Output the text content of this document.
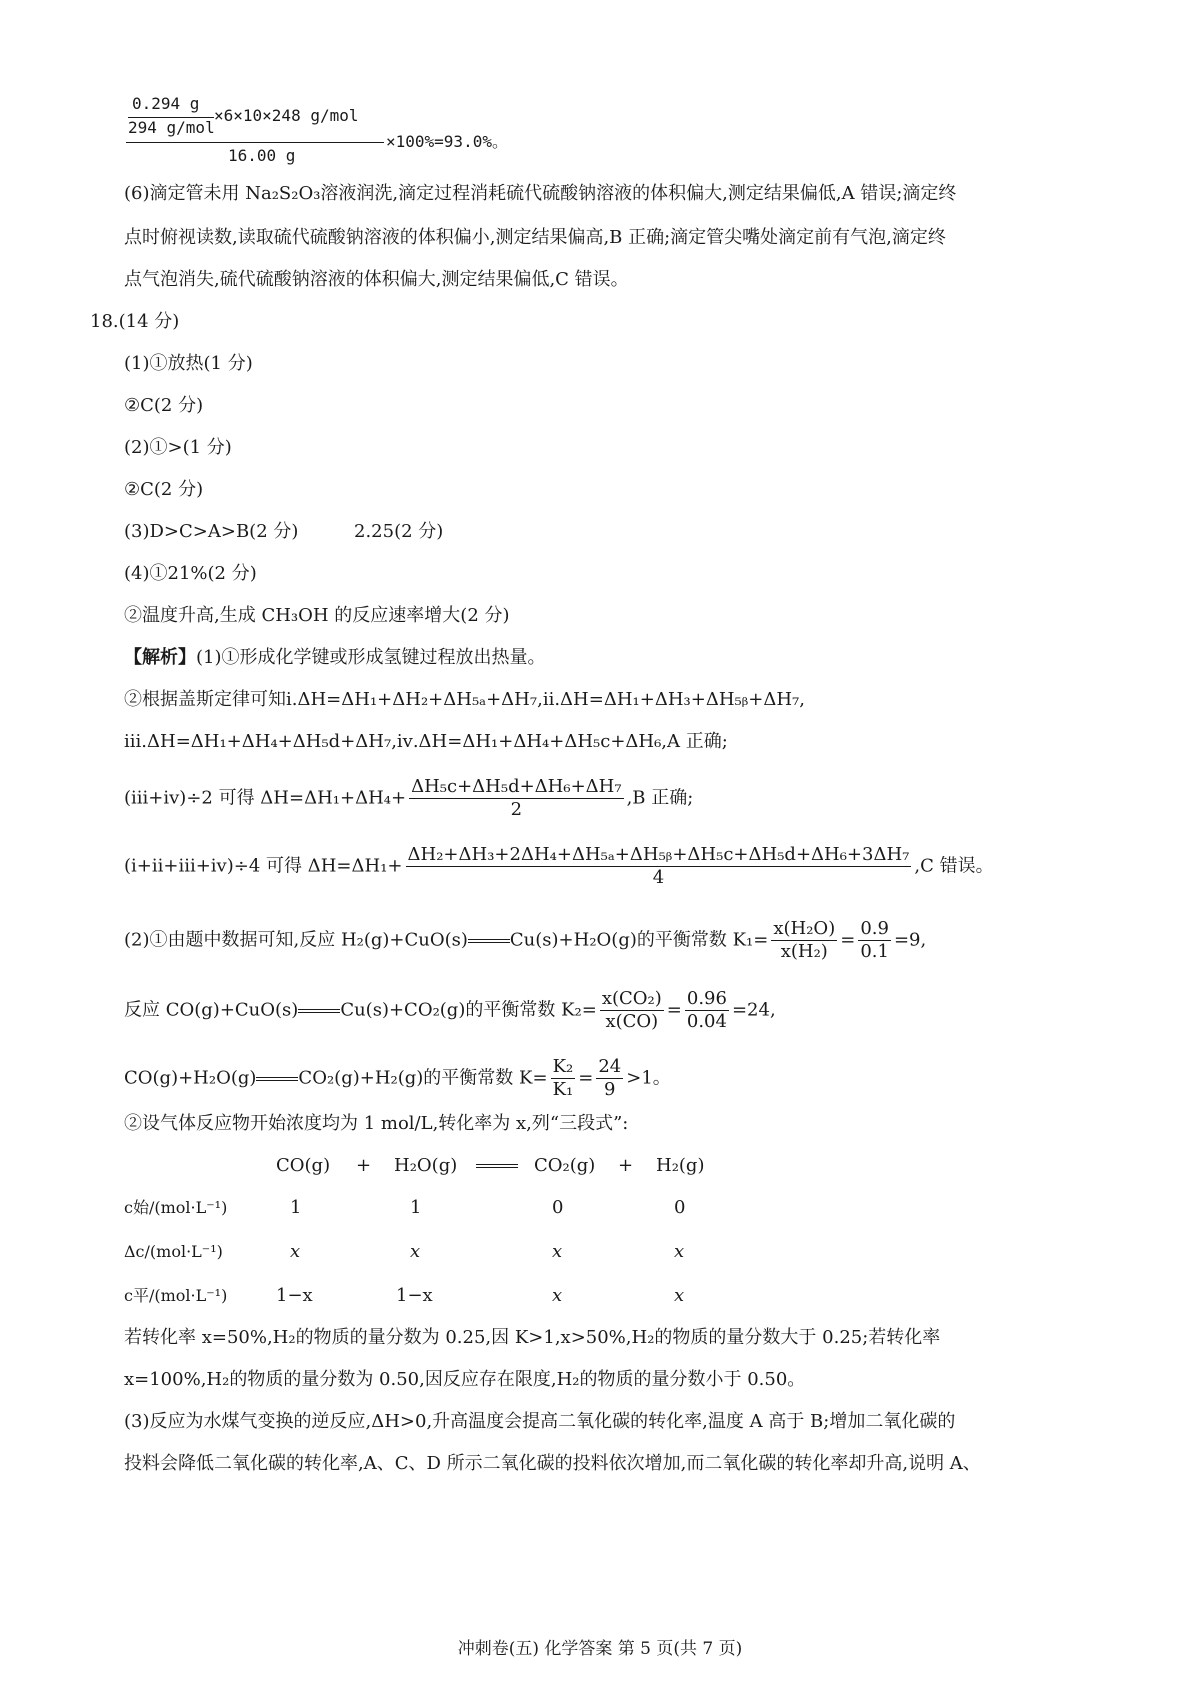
0.294 g
294 g/mol
×6×10×248 g/mol
16.00 g
×100%=93.0%。
(6)滴定管未用 Na₂S₂O₃溶液润洗,滴定过程消耗硫代硫酸钠溶液的体积偏大,测定结果偏低,A 错误;滴定终
点时俯视读数,读取硫代硫酸钠溶液的体积偏小,测定结果偏高,B 正确;滴定管尖嘴处滴定前有气泡,滴定终
点气泡消失,硫代硫酸钠溶液的体积偏大,测定结果偏低,C 错误。
18.(14 分)
(1)①放热(1 分)
②C(2 分)
(2)①>(1 分)
②C(2 分)
(3)D>C>A>B(2 分)	2.25(2 分)
(4)①21%(2 分)
②温度升高,生成 CH₃OH 的反应速率增大(2 分)
【解析】(1)①形成化学键或形成氢键过程放出热量。
②根据盖斯定律可知ⅰ.ΔH=ΔH₁+ΔH₂+ΔH₅ₐ+ΔH₇,ⅱ.ΔH=ΔH₁+ΔH₃+ΔH₅ᵦ+ΔH₇,
ⅲ.ΔH=ΔH₁+ΔH₄+ΔH₅d+ΔH₇,ⅳ.ΔH=ΔH₁+ΔH₄+ΔH₅c+ΔH₆,A 正确;
(ⅲ+ⅳ)÷2 可得 $\Delta H=\Delta H_1+\Delta H_4+ \frac{\text{ΔH₅c+ΔH₅d+ΔH₆+ΔH₇}}{2} ,B$ 正确;
(ⅰ+ⅱ+ⅲ+ⅳ)÷4 可得 $\Delta H=\Delta H_1+ \frac{\text{ΔH₂+ΔH₃+2ΔH₄+ΔH₅ₐ+ΔH₅ᵦ+ΔH₅c+ΔH₅d+ΔH₆+3ΔH₇}}{4} ,C$ 错误。
(2)①由题中数据可知,反应 H₂(g)+CuO(s) Cu(s)+H₂O(g)的平衡常数 $K_1= \frac{\text{x(H₂O)}}{\text{x(H₂)}} = \frac{0.9}{0.1} =9$,
反应 CO(g)+CuO(s) Cu(s)+CO₂(g)的平衡常数 $K_2= \frac{\text{x(CO₂)}}{x(CO)} = \frac{0.96}{0.04} =24$,
CO(g)+H₂O(g) CO₂(g)+H₂(g)的平衡常数 $K= \frac{\text{K₂}}{\text{K₁}} = \frac{24}{9} >1$。
②设气体反应物开始浓度均为 1 mol/L,转化率为 x,列“三段式”:
CO(g) + H₂O(g)	CO₂(g) + H₂(g)
c始/(mol·L⁻¹)	1	1	0	0
Δc/(mol·L⁻¹)	x	x	x	x
c平/(mol·L⁻¹)	1−x	1−x	x	x
若转化率 x=50%,H₂的物质的量分数为 0.25,因 K>1,x>50%,H₂的物质的量分数大于 0.25;若转化率
x=100%,H₂的物质的量分数为 0.50,因反应存在限度,H₂的物质的量分数小于 0.50。
(3)反应为水煤气变换的逆反应,ΔH>0,升高温度会提高二氧化碳的转化率,温度 A 高于 B;增加二氧化碳的
投料会降低二氧化碳的转化率,A、C、D 所示二氧化碳的投料依次增加,而二氧化碳的转化率却升高,说明 A、
冲刺卷(五) 化学答案 第 5 页(共 7 页)
